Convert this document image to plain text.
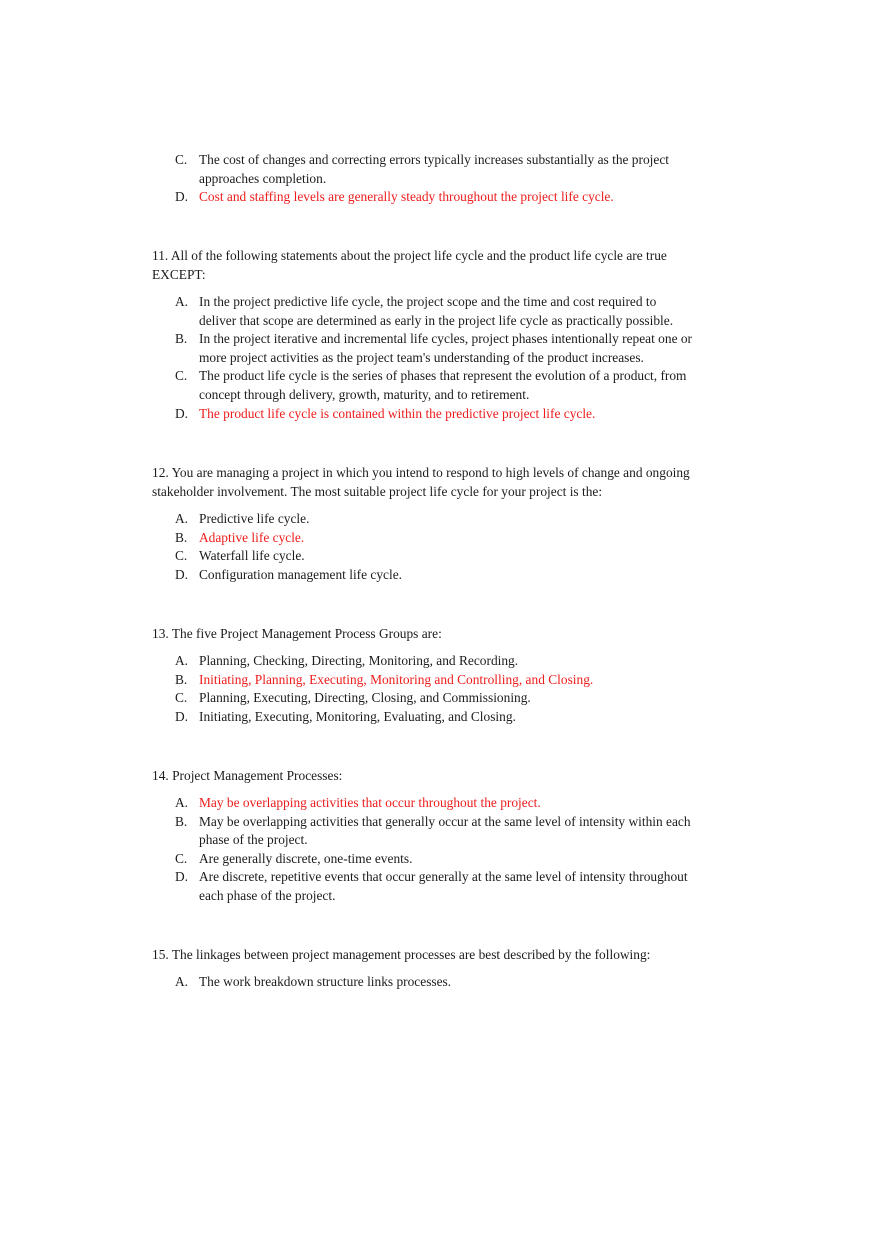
C. The cost of changes and correcting errors typically increases substantially as the project
approaches completion.
D. Cost and staffing levels are generally steady throughout the project life cycle.
11. All of the following statements about the project life cycle and the product life cycle are true
EXCEPT:
A. In the project predictive life cycle, the project scope and the time and cost required to
deliver that scope are determined as early in the project life cycle as practically possible.
B. In the project iterative and incremental life cycles, project phases intentionally repeat one or
more project activities as the project team's understanding of the product increases.
C. The product life cycle is the series of phases that represent the evolution of a product, from
concept through delivery, growth, maturity, and to retirement.
D. The product life cycle is contained within the predictive project life cycle.
12. You are managing a project in which you intend to respond to high levels of change and ongoing
stakeholder involvement. The most suitable project life cycle for your project is the:
A. Predictive life cycle.
B. Adaptive life cycle.
C. Waterfall life cycle.
D. Configuration management life cycle.
13. The five Project Management Process Groups are:
A. Planning, Checking, Directing, Monitoring, and Recording.
B. Initiating, Planning, Executing, Monitoring and Controlling, and Closing.
C. Planning, Executing, Directing, Closing, and Commissioning.
D. Initiating, Executing, Monitoring, Evaluating, and Closing.
14. Project Management Processes:
A. May be overlapping activities that occur throughout the project.
B. May be overlapping activities that generally occur at the same level of intensity within each
phase of the project.
C. Are generally discrete, one-time events.
D. Are discrete, repetitive events that occur generally at the same level of intensity throughout
each phase of the project.
15. The linkages between project management processes are best described by the following:
A. The work breakdown structure links processes.
